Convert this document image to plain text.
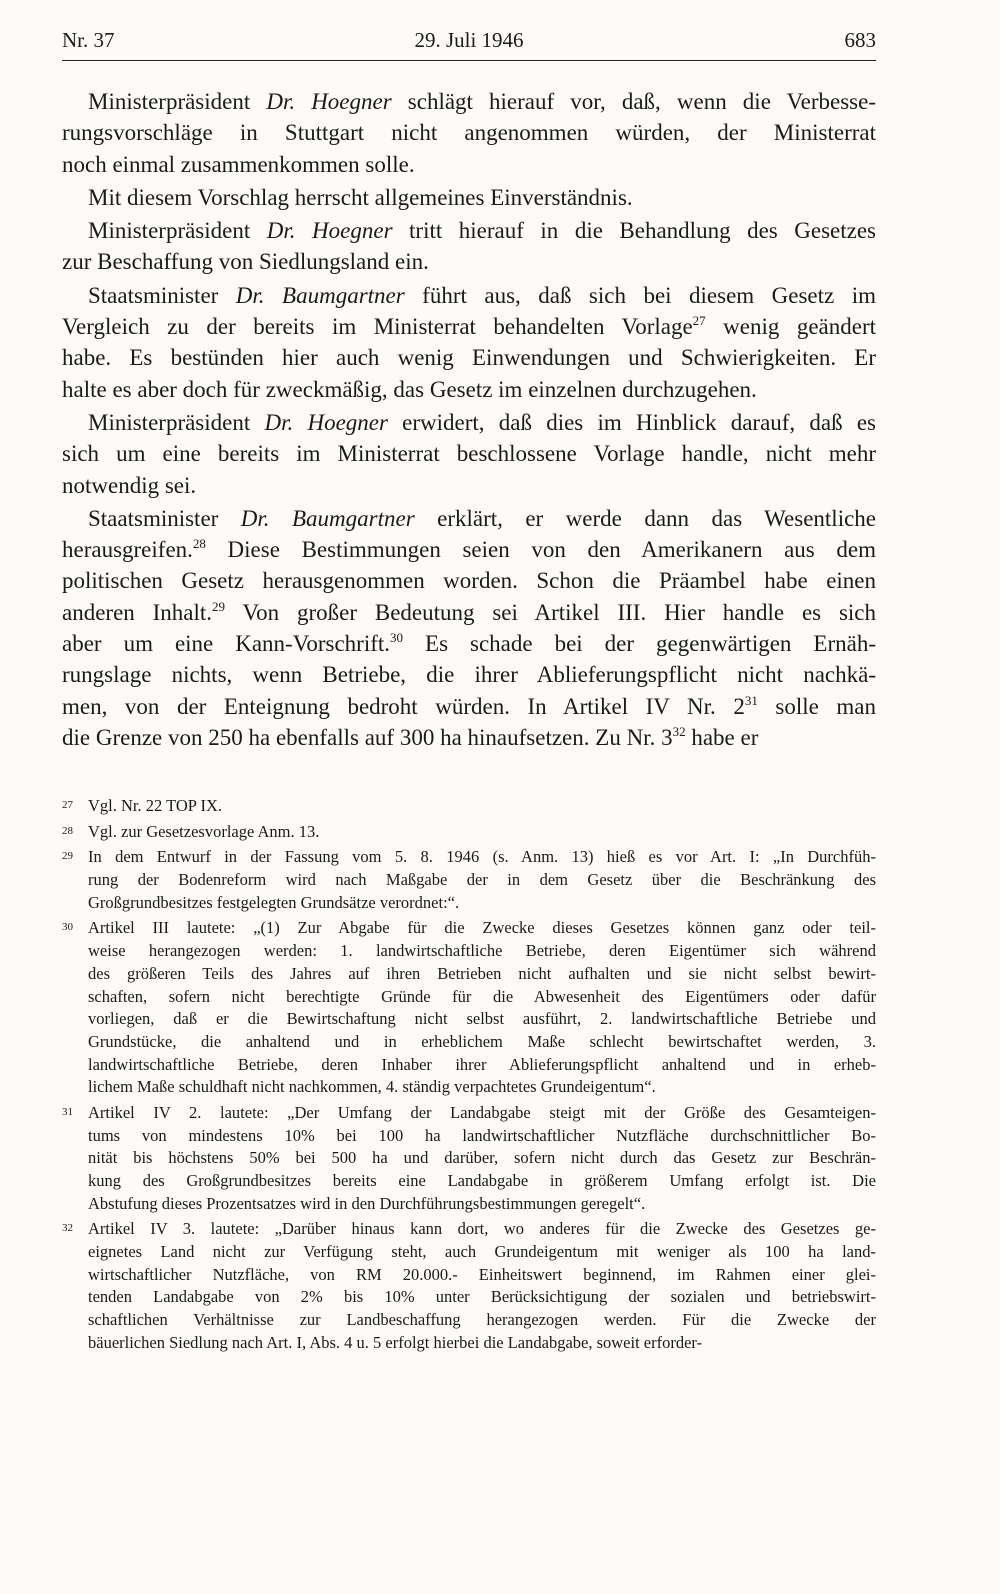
Nr. 37	29. Juli 1946	683
Ministerpräsident Dr. Hoegner schlägt hierauf vor, daß, wenn die Verbesse-
rungsvorschläge in Stuttgart nicht angenommen würden, der Ministerrat
noch einmal zusammenkommen solle.
Mit diesem Vorschlag herrscht allgemeines Einverständnis.
Ministerpräsident Dr. Hoegner tritt hierauf in die Behandlung des Gesetzes
zur Beschaffung von Siedlungsland ein.
Staatsminister Dr. Baumgartner führt aus, daß sich bei diesem Gesetz im
Vergleich zu der bereits im Ministerrat behandelten Vorlage$^{27}$ wenig geändert
habe. Es bestünden hier auch wenig Einwendungen und Schwierigkeiten. Er
halte es aber doch für zweckmäßig, das Gesetz im einzelnen durchzugehen.
Ministerpräsident Dr. Hoegner erwidert, daß dies im Hinblick darauf, daß es
sich um eine bereits im Ministerrat beschlossene Vorlage handle, nicht mehr
notwendig sei.
Staatsminister Dr. Baumgartner erklärt, er werde dann das Wesentliche
herausgreifen.$^{28}$ Diese Bestimmungen seien von den Amerikanern aus dem
politischen Gesetz herausgenommen worden. Schon die Präambel habe einen
anderen Inhalt.$^{29}$ Von großer Bedeutung sei Artikel III. Hier handle es sich
aber um eine Kann-Vorschrift.$^{30}$ Es schade bei der gegenwärtigen Ernäh-
rungslage nichts, wenn Betriebe, die ihrer Ablieferungspflicht nicht nachkä-
men, von der Enteignung bedroht würden. In Artikel IV Nr. $2^{31}$ solle man
die Grenze von 250 ha ebenfalls auf 300 ha hinaufsetzen. Zu Nr. $3^{32}$ habe er
27 Vgl. Nr. 22 TOP IX.
28 Vgl. zur Gesetzesvorlage Anm. 13.
29 In dem Entwurf in der Fassung vom 5. 8. 1946 (s. Anm. 13) hieß es vor Art. I: „In Durchfüh-
rung der Bodenreform wird nach Maßgabe der in dem Gesetz über die Beschränkung des
Großgrundbesitzes festgelegten Grundsätze verordnet:“.
30 Artikel III lautete: „(1) Zur Abgabe für die Zwecke dieses Gesetzes können ganz oder teil-
weise herangezogen werden: 1. landwirtschaftliche Betriebe, deren Eigentümer sich während
des größeren Teils des Jahres auf ihren Betrieben nicht aufhalten und sie nicht selbst bewirt-
schaften, sofern nicht berechtigte Gründe für die Abwesenheit des Eigentümers oder dafür
vorliegen, daß er die Bewirtschaftung nicht selbst ausführt, 2. landwirtschaftliche Betriebe und
Grundstücke, die anhaltend und in erheblichem Maße schlecht bewirtschaftet werden, 3.
landwirtschaftliche Betriebe, deren Inhaber ihrer Ablieferungspflicht anhaltend und in erheb-
lichem Maße schuldhaft nicht nachkommen, 4. ständig verpachtetes Grundeigentum“.
31 Artikel IV 2. lautete: „Der Umfang der Landabgabe steigt mit der Größe des Gesamteigen-
tums von mindestens 10% bei 100 ha landwirtschaftlicher Nutzfläche durchschnittlicher Bo-
nität bis höchstens 50% bei 500 ha und darüber, sofern nicht durch das Gesetz zur Beschrän-
kung des Großgrundbesitzes bereits eine Landabgabe in größerem Umfang erfolgt ist. Die
Abstufung dieses Prozentsatzes wird in den Durchführungsbestimmungen geregelt“.
32 Artikel IV 3. lautete: „Darüber hinaus kann dort, wo anderes für die Zwecke des Gesetzes ge-
eignetes Land nicht zur Verfügung steht, auch Grundeigentum mit weniger als 100 ha land-
wirtschaftlicher Nutzfläche, von RM 20.000.- Einheitswert beginnend, im Rahmen einer glei-
tenden Landabgabe von 2% bis 10% unter Berücksichtigung der sozialen und betriebswirt-
schaftlichen Verhältnisse zur Landbeschaffung herangezogen werden. Für die Zwecke der
bäuerlichen Siedlung nach Art. I, Abs. 4 u. 5 erfolgt hierbei die Landabgabe, soweit erforder-
